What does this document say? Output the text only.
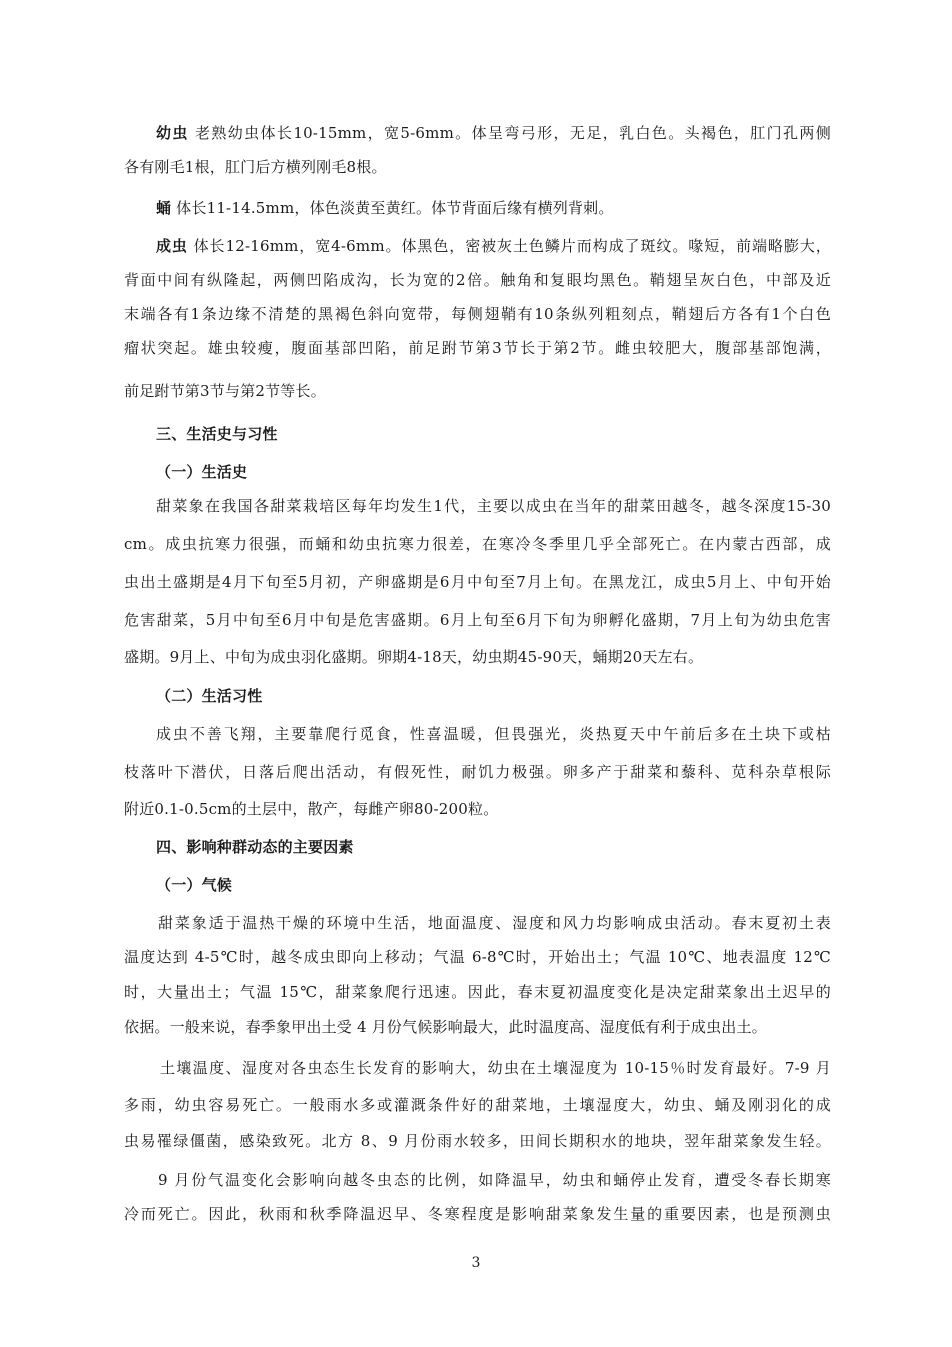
幼虫 老熟幼虫体长10-15mm，宽5-6mm。体呈弯弓形，无足，乳白色。头褐色，肛门孔两侧
各有刚毛1根，肛门后方横列刚毛8根。
蛹 体长11-14.5mm，体色淡黄至黄红。体节背面后缘有横列背刺。
成虫 体长12-16mm，宽4-6mm。体黑色，密被灰土色鳞片而构成了斑纹。喙短，前端略膨大，
背面中间有纵隆起，两侧凹陷成沟，长为宽的2倍。触角和复眼均黑色。鞘翅呈灰白色，中部及近
末端各有1条边缘不清楚的黑褐色斜向宽带，每侧翅鞘有10条纵列粗刻点，鞘翅后方各有1个白色
瘤状突起。雄虫较瘦，腹面基部凹陷，前足跗节第3节长于第2节。雌虫较肥大，腹部基部饱满，
前足跗节第3节与第2节等长。
三、生活史与习性
（一）生活史
甜菜象在我国各甜菜栽培区每年均发生1代，主要以成虫在当年的甜菜田越冬，越冬深度15-30
cm。成虫抗寒力很强，而蛹和幼虫抗寒力很差，在寒冷冬季里几乎全部死亡。在内蒙古西部，成
虫出土盛期是4月下旬至5月初，产卵盛期是6月中旬至7月上旬。在黑龙江，成虫5月上、中旬开始
危害甜菜，5月中旬至6月中旬是危害盛期。6月上旬至6月下旬为卵孵化盛期，7月上旬为幼虫危害
盛期。9月上、中旬为成虫羽化盛期。卵期4-18天，幼虫期45-90天，蛹期20天左右。
（二）生活习性
成虫不善飞翔，主要靠爬行觅食，性喜温暖，但畏强光，炎热夏天中午前后多在土块下或枯
枝落叶下潜伏，日落后爬出活动，有假死性，耐饥力极强。卵多产于甜菜和藜科、苋科杂草根际
附近0.1-0.5cm的土层中，散产，每雌产卵80-200粒。
四、影响种群动态的主要因素
（一）气候
甜菜象适于温热干燥的环境中生活，地面温度、湿度和风力均影响成虫活动。春末夏初土表
温度达到 4-5℃时，越冬成虫即向上移动；气温 6-8℃时，开始出土；气温 10℃、地表温度 12℃
时，大量出土；气温 15℃，甜菜象爬行迅速。因此，春末夏初温度变化是决定甜菜象出土迟早的
依据。一般来说，春季象甲出土受 4 月份气候影响最大，此时温度高、湿度低有利于成虫出土。
土壤温度、湿度对各虫态生长发育的影响大，幼虫在土壤湿度为 10-15％时发育最好。7-9 月
多雨，幼虫容易死亡。一般雨水多或灌溉条件好的甜菜地，土壤湿度大，幼虫、蛹及刚羽化的成
虫易罹绿僵菌，感染致死。北方 8、9 月份雨水较多，田间长期积水的地块，翌年甜菜象发生轻。
9 月份气温变化会影响向越冬虫态的比例，如降温早，幼虫和蛹停止发育，遭受冬春长期寒
冷而死亡。因此，秋雨和秋季降温迟早、冬寒程度是影响甜菜象发生量的重要因素，也是预测虫
3
